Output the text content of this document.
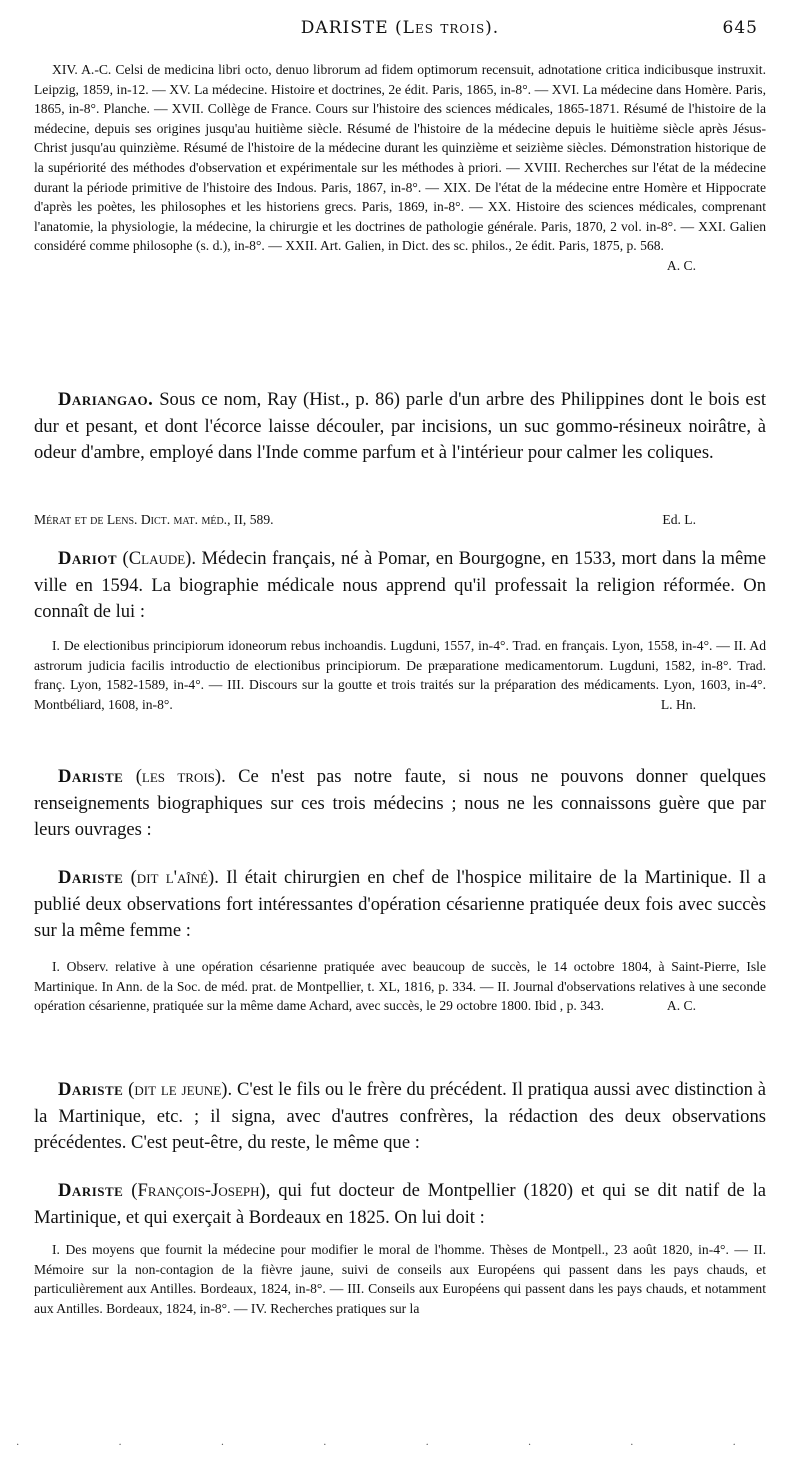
DARISTE (Les trois).	645
XIV. A.-C. Celsi de medicina libri octo, denuo librorum ad fidem optimorum recensuit, adnotatione critica indicibusque instruxit. Leipzig, 1859, in-12. — XV. La médecine. Histoire et doctrines, 2e édit. Paris, 1865, in-8°. — XVI. La médecine dans Homère. Paris, 1865, in-8°. Planche. — XVII. Collège de France. Cours sur l'histoire des sciences médicales, 1865-1871. Résumé de l'histoire de la médecine, depuis ses origines jusqu'au huitième siècle. Résumé de l'histoire de la médecine depuis le huitième siècle après Jésus-Christ jusqu'au quinzième. Résumé de l'histoire de la médecine durant les quinzième et seizième siècles. Démonstration historique de la supériorité des méthodes d'observation et expérimentale sur les méthodes à priori. — XVIII. Recherches sur l'état de la médecine durant la période primitive de l'histoire des Indous. Paris, 1867, in-8°. — XIX. De l'état de la médecine entre Homère et Hippocrate d'après les poètes, les philosophes et les historiens grecs. Paris, 1869, in-8°. — XX. Histoire des sciences médicales, comprenant l'anatomie, la physiologie, la médecine, la chirurgie et les doctrines de pathologie générale. Paris, 1870, 2 vol. in-8°. — XXI. Galien considéré comme philosophe (s. d.), in-8°. — XXII. Art. Galien, in Dict. des sc. philos., 2e édit. Paris, 1875, p. 568.
A. C.
Dariangao. Sous ce nom, Ray (Hist., p. 86) parle d'un arbre des Philippines dont le bois est dur et pesant, et dont l'écorce laisse découler, par incisions, un suc gommo-résineux noirâtre, à odeur d'ambre, employé dans l'Inde comme parfum et à l'intérieur pour calmer les coliques.
Mérat et de Lens. Dict. mat. méd., II, 589.	Ed. L.
Dariot (Claude). Médecin français, né à Pomar, en Bourgogne, en 1533, mort dans la même ville en 1594. La biographie médicale nous apprend qu'il professait la religion réformée. On connaît de lui :
I. De electionibus principiorum idoneorum rebus inchoandis. Lugduni, 1557, in-4°. Trad. en français. Lyon, 1558, in-4°. — II. Ad astrorum judicia facilis introductio de electionibus principiorum. De præparatione medicamentorum. Lugduni, 1582, in-8°. Trad. franç. Lyon, 1582-1589, in-4°. — III. Discours sur la goutte et trois traités sur la préparation des médicaments. Lyon, 1603, in-4°. Montbéliard, 1608, in-8°.	L. Hn.
Dariste (les trois). Ce n'est pas notre faute, si nous ne pouvons donner quelques renseignements biographiques sur ces trois médecins ; nous ne les connaissons guère que par leurs ouvrages :
Dariste (dit l'aîné). Il était chirurgien en chef de l'hospice militaire de la Martinique. Il a publié deux observations fort intéressantes d'opération césarienne pratiquée deux fois avec succès sur la même femme :
I. Observ. relative à une opération césarienne pratiquée avec beaucoup de succès, le 14 octobre 1804, à Saint-Pierre, Isle Martinique. In Ann. de la Soc. de méd. prat. de Montpellier, t. XL, 1816, p. 334. — II. Journal d'observations relatives à une seconde opération césarienne, pratiquée sur la même dame Achard, avec succès, le 29 octobre 1800. Ibid , p. 343.	A. C.
Dariste (dit le jeune). C'est le fils ou le frère du précédent. Il pratiqua aussi avec distinction à la Martinique, etc. ; il signa, avec d'autres confrères, la rédaction des deux observations précédentes. C'est peut-être, du reste, le même que :
Dariste (François-Joseph), qui fut docteur de Montpellier (1820) et qui se dit natif de la Martinique, et qui exerçait à Bordeaux en 1825. On lui doit :
I. Des moyens que fournit la médecine pour modifier le moral de l'homme. Thèses de Montpell., 23 août 1820, in-4°. — II. Mémoire sur la non-contagion de la fièvre jaune, suivi de conseils aux Européens qui passent dans les pays chauds, et particulièrement aux Antilles. Bordeaux, 1824, in-8°. — III. Conseils aux Européens qui passent dans les pays chauds, et notamment aux Antilles. Bordeaux, 1824, in-8°. — IV. Recherches pratiques sur la
· · · · · · · ·
